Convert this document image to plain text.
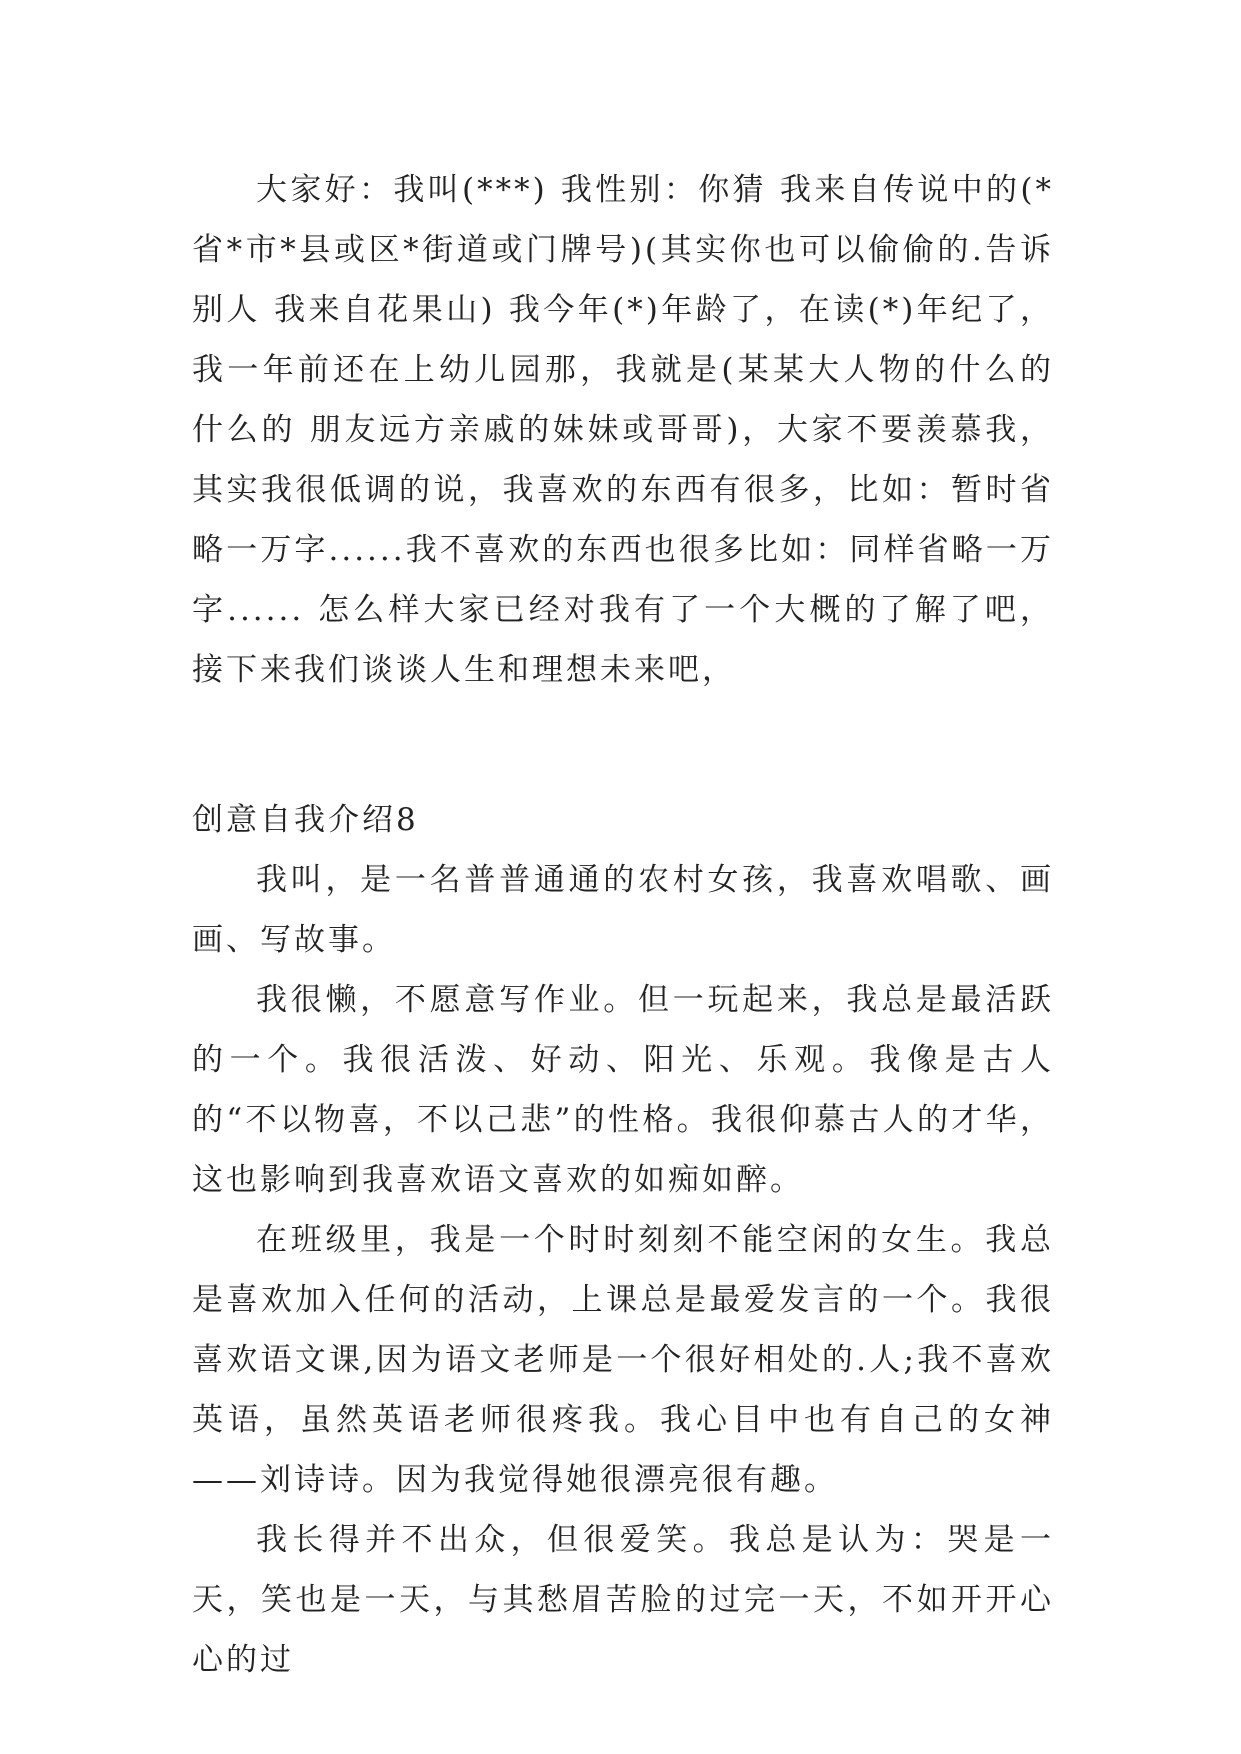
大家好：我叫(***) 我性别：你猜 我来自传说中的(*省*市*县或区*街道或门牌号)(其实你也可以偷偷的.告诉别人 我来自花果山) 我今年(*)年龄了，在读(*)年纪了，我一年前还在上幼儿园那，我就是(某某大人物的什么的什么的 朋友远方亲戚的妹妹或哥哥)，大家不要羡慕我，其实我很低调的说，我喜欢的东西有很多，比如：暂时省略一万字......我不喜欢的东西也很多比如：同样省略一万字...... 怎么样大家已经对我有了一个大概的了解了吧，接下来我们谈谈人生和理想未来吧，

创意自我介绍8

我叫，是一名普普通通的农村女孩，我喜欢唱歌、画画、写故事。

我很懒，不愿意写作业。但一玩起来，我总是最活跃的一个。我很活泼、好动、阳光、乐观。我像是古人的“不以物喜，不以己悲”的性格。我很仰慕古人的才华，这也影响到我喜欢语文喜欢的如痴如醉。

在班级里，我是一个时时刻刻不能空闲的女生。我总是喜欢加入任何的活动，上课总是最爱发言的一个。我很喜欢语文课,因为语文老师是一个很好相处的.人;我不喜欢英语，虽然英语老师很疼我。我心目中也有自己的女神——刘诗诗。因为我觉得她很漂亮很有趣。

我长得并不出众，但很爱笑。我总是认为：哭是一天，笑也是一天，与其愁眉苦脸的过完一天，不如开开心心的过
